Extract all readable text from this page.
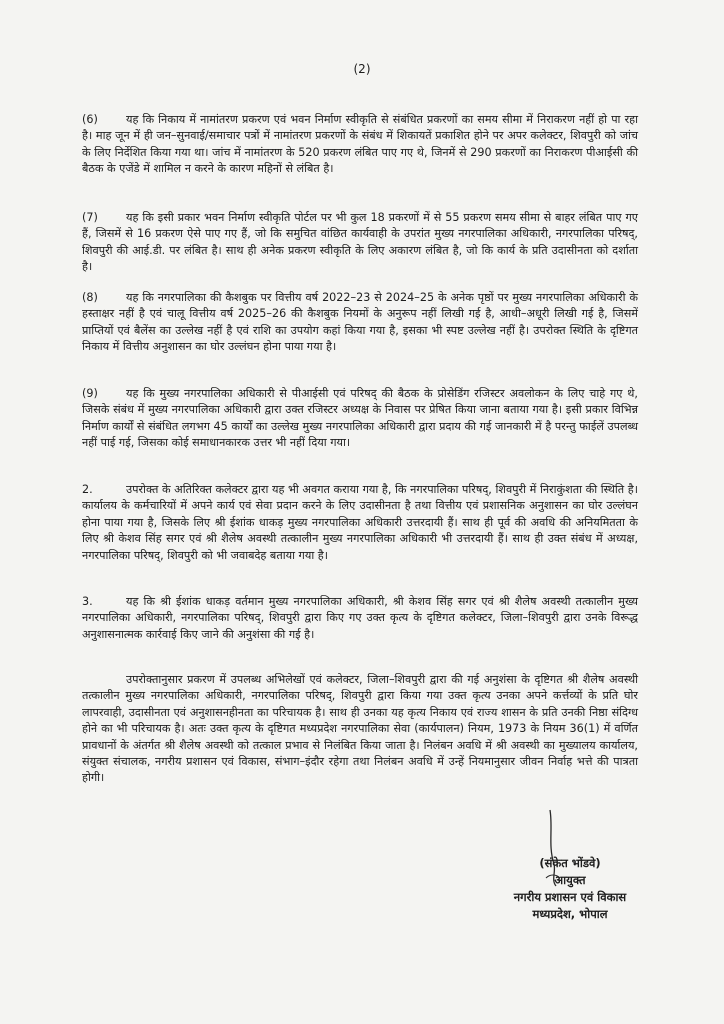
(2)

(6)	यह कि निकाय में नामांतरण प्रकरण एवं भवन निर्माण स्वीकृति से संबंधित प्रकरणों का समय सीमा में निराकरण नहीं हो पा रहा है। माह जून में ही जन–सुनवाई/समाचार पत्रों में नामांतरण प्रकरणों के संबंध में शिकायतें प्रकाशित होने पर अपर कलेक्टर, शिवपुरी को जांच के लिए निर्देशित किया गया था। जांच में नामांतरण के 520 प्रकरण लंबित पाए गए थे, जिनमें से 290 प्रकरणों का निराकरण पीआईसी की बैठक के एजेंडे में शामिल न करने के कारण महिनों से लंबित है।

(7)	यह कि इसी प्रकार भवन निर्माण स्वीकृति पोर्टल पर भी कुल 18 प्रकरणों में से 55 प्रकरण समय सीमा से बाहर लंबित पाए गए हैं, जिसमें से 16 प्रकरण ऐसे पाए गए हैं, जो कि समुचित वांछित कार्यवाही के उपरांत मुख्य नगरपालिका अधिकारी, नगरपालिका परिषद्, शिवपुरी की आई.डी. पर लंबित है। साथ ही अनेक प्रकरण स्वीकृति के लिए अकारण लंबित है, जो कि कार्य के प्रति उदासीनता को दर्शाता है।

(8)	यह कि नगरपालिका की कैशबुक पर वित्तीय वर्ष 2022–23 से 2024–25 के अनेक पृष्ठों पर मुख्य नगरपालिका अधिकारी के हस्ताक्षर नहीं है एवं चालू वित्तीय वर्ष 2025–26 की कैशबुक नियमों के अनुरूप नहीं लिखी गई है, आधी–अधूरी लिखी गई है, जिसमें प्राप्तियों एवं बैलेंस का उल्लेख नहीं है एवं राशि का उपयोग कहां किया गया है, इसका भी स्पष्ट उल्लेख नहीं है। उपरोक्त स्थिति के दृष्टिगत निकाय में वित्तीय अनुशासन का घोर उल्लंघन होना पाया गया है।

(9)	यह कि मुख्य नगरपालिका अधिकारी से पीआईसी एवं परिषद् की बैठक के प्रोसेडिंग रजिस्टर अवलोकन के लिए चाहे गए थे, जिसके संबंध में मुख्य नगरपालिका अधिकारी द्वारा उक्त रजिस्टर अध्यक्ष के निवास पर प्रेषित किया जाना बताया गया है। इसी प्रकार विभिन्न निर्माण कार्यों से संबंधित लगभग 45 कार्यों का उल्लेख मुख्य नगरपालिका अधिकारी द्वारा प्रदाय की गई जानकारी में है परन्तु फाईलें उपलब्ध नहीं पाई गई, जिसका कोई समाधानकारक उत्तर भी नहीं दिया गया।

2.	उपरोक्त के अतिरिक्त कलेक्टर द्वारा यह भी अवगत कराया गया है, कि नगरपालिका परिषद्, शिवपुरी में निराकुंशता की स्थिति है। कार्यालय के कर्मचारियों में अपने कार्य एवं सेवा प्रदान करने के लिए उदासीनता है तथा वित्तीय एवं प्रशासनिक अनुशासन का घोर उल्लंघन होना पाया गया है, जिसके लिए श्री ईशांक धाकड़ मुख्य नगरपालिका अधिकारी उत्तरदायी हैं। साथ ही पूर्व की अवधि की अनियमितता के लिए श्री केशव सिंह सगर एवं श्री शैलेष अवस्थी तत्कालीन मुख्य नगरपालिका अधिकारी भी उत्तरदायी हैं। साथ ही उक्त संबंध में अध्यक्ष, नगरपालिका परिषद्, शिवपुरी को भी जवाबदेह बताया गया है।

3.	यह कि श्री ईशांक धाकड़ वर्तमान मुख्य नगरपालिका अधिकारी, श्री केशव सिंह सगर एवं श्री शैलेष अवस्थी तत्कालीन मुख्य नगरपालिका अधिकारी, नगरपालिका परिषद्, शिवपुरी द्वारा किए गए उक्त कृत्य के दृष्टिगत कलेक्टर, जिला–शिवपुरी द्वारा उनके विरूद्ध अनुशासनात्मक कार्रवाई किए जाने की अनुशंसा की गई है।

उपरोक्तानुसार प्रकरण में उपलब्ध अभिलेखों एवं कलेक्टर, जिला–शिवपुरी द्वारा की गई अनुशंसा के दृष्टिगत श्री शैलेष अवस्थी तत्कालीन मुख्य नगरपालिका अधिकारी, नगरपालिका परिषद्, शिवपुरी द्वारा किया गया उक्त कृत्य उनका अपने कर्त्तव्यों के प्रति घोर लापरवाही, उदासीनता एवं अनुशासनहीनता का परिचायक है। साथ ही उनका यह कृत्य निकाय एवं राज्य शासन के प्रति उनकी निष्ठा संदिग्ध होने का भी परिचायक है। अतः उक्त कृत्य के दृष्टिगत मध्यप्रदेश नगरपालिका सेवा (कार्यपालन) नियम, 1973 के नियम 36(1) में वर्णित प्रावधानों के अंतर्गत श्री शैलेष अवस्थी को तत्काल प्रभाव से निलंबित किया जाता है। निलंबन अवधि में श्री अवस्थी का मुख्यालय कार्यालय, संयुक्त संचालक, नगरीय प्रशासन एवं विकास, संभाग–इंदौर रहेगा तथा निलंबन अवधि में उन्हें नियमानुसार जीवन निर्वाह भत्ते की पात्रता होगी।

(संकेत भोंडवे)
आयुक्त
नगरीय प्रशासन एवं विकास
मध्यप्रदेश, भोपाल
